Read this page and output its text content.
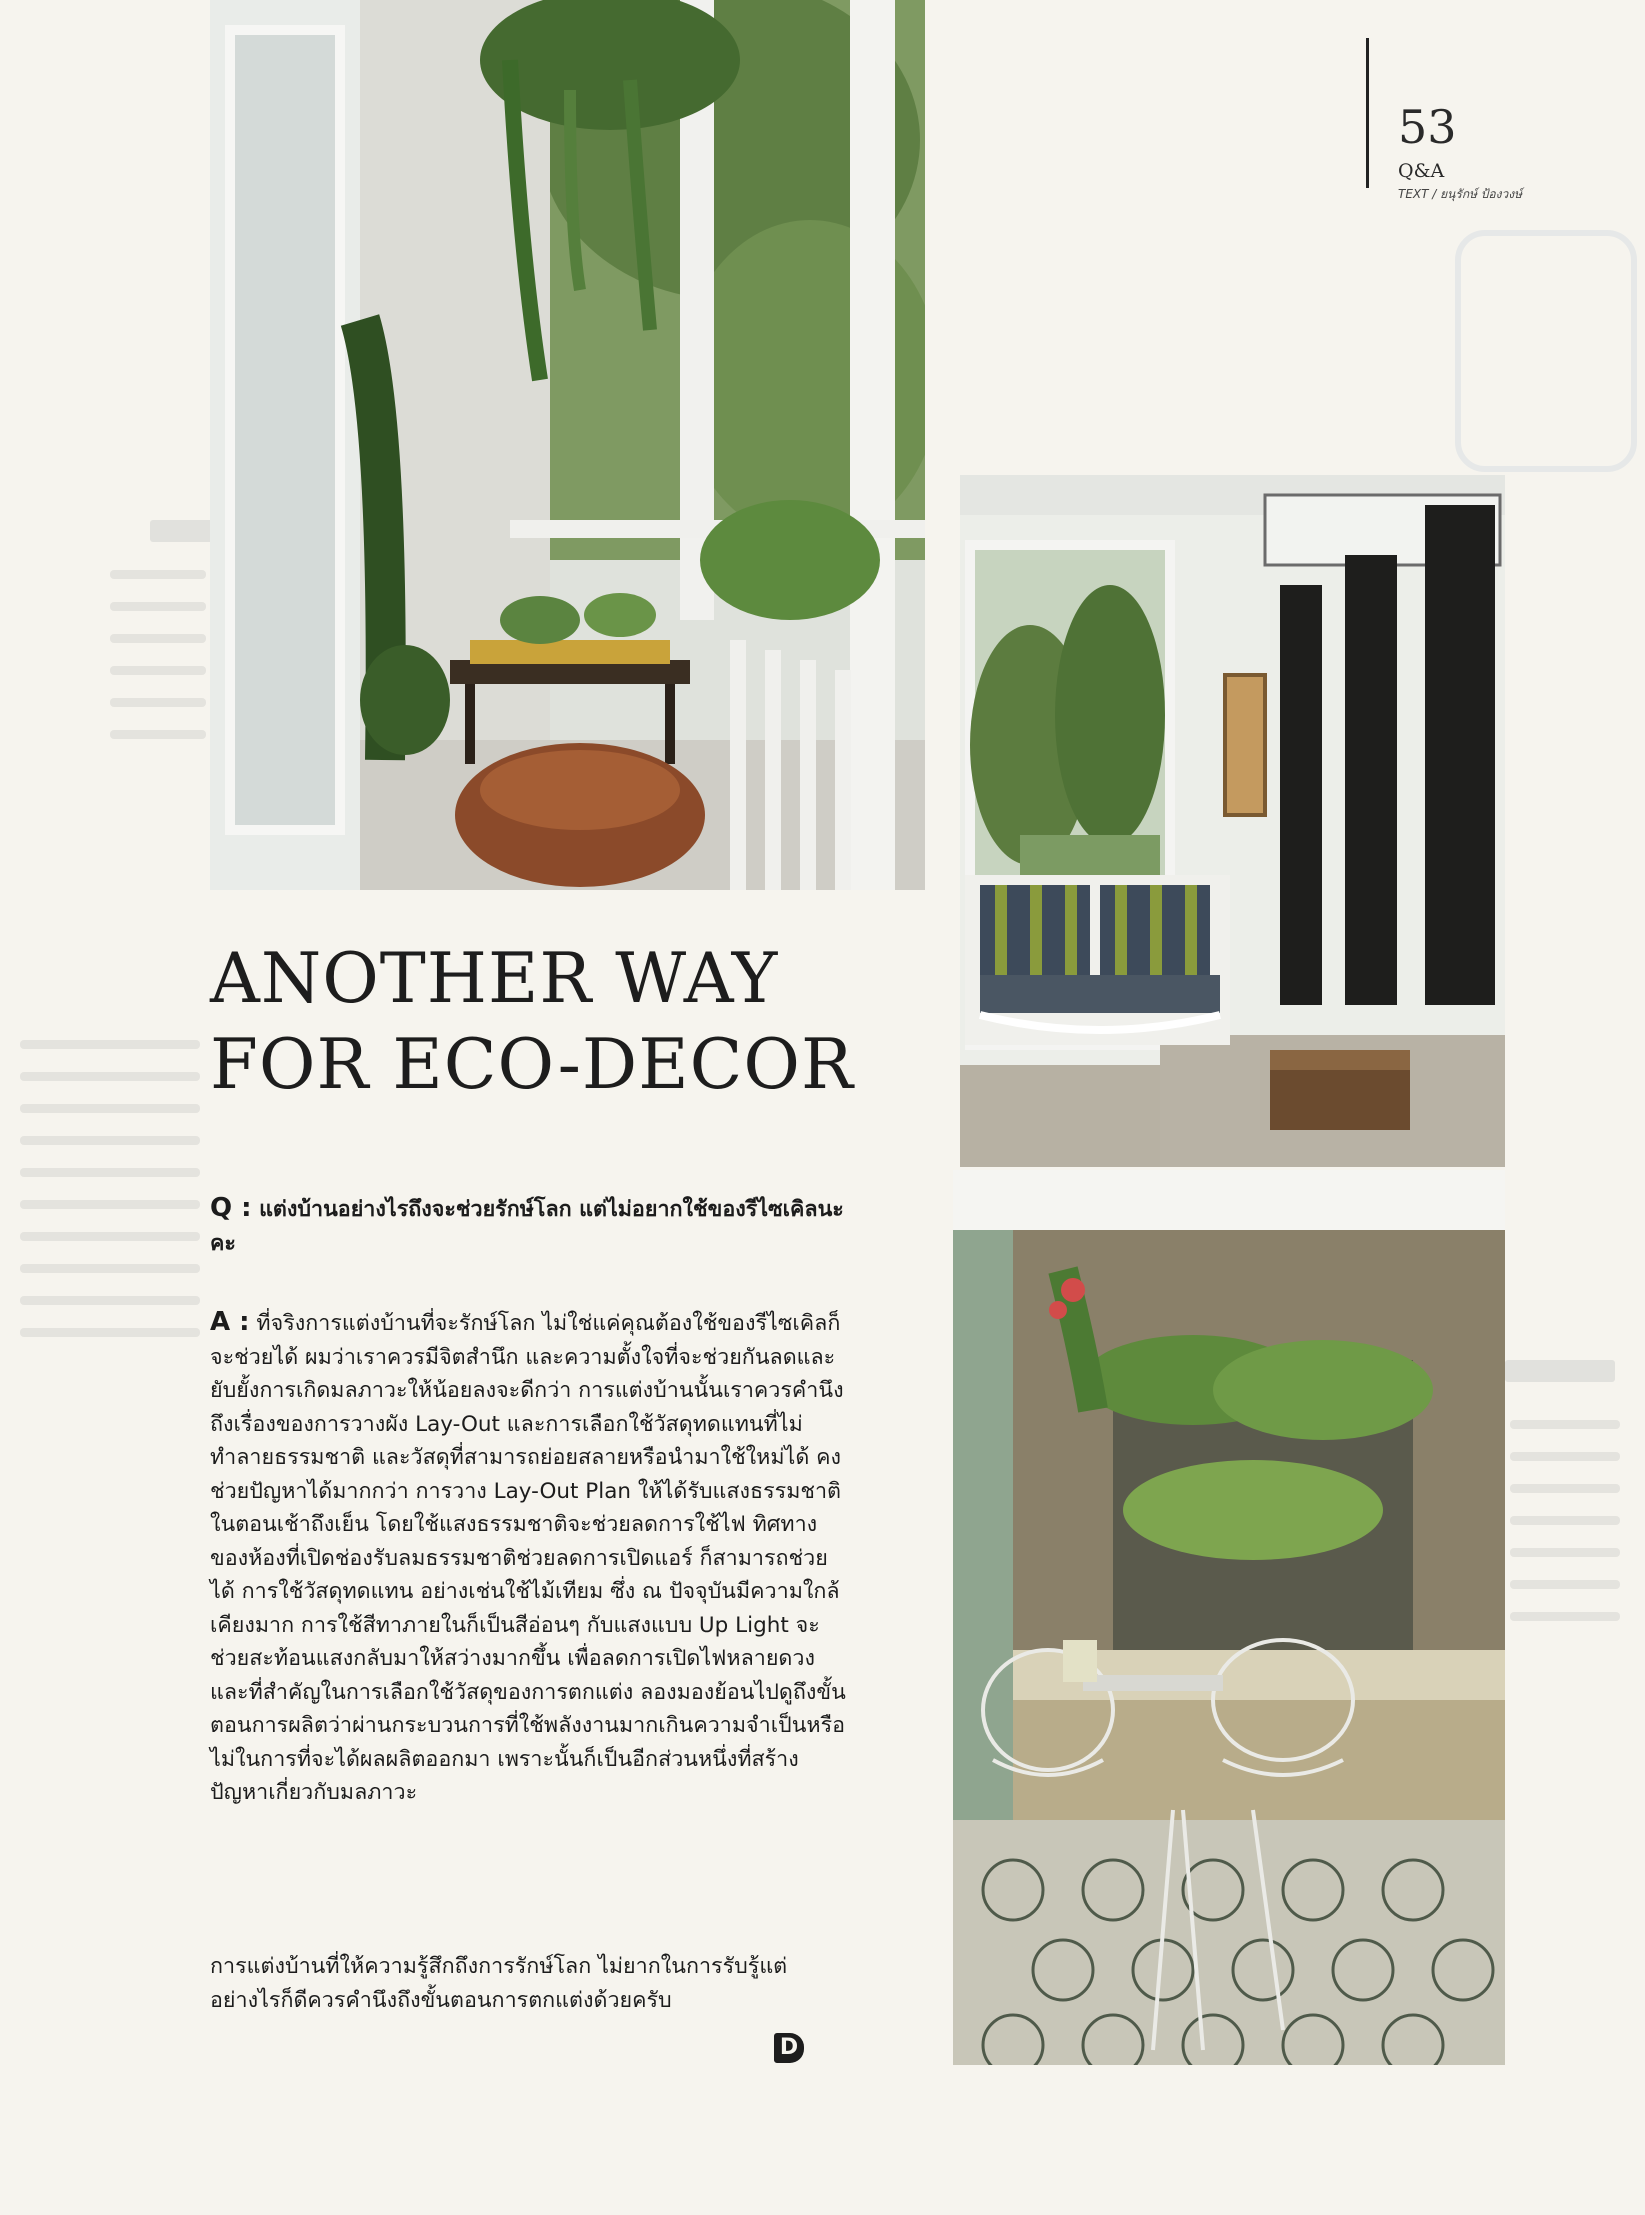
53
Q&A
TEXT / ยนุรักษ์ ป้องวงษ์
ANOTHER WAY
FOR ECO-DECOR
Q : แต่งบ้านอย่างไรถึงจะช่วยรักษ์โลก แต่ไม่อยากใช้ของรีไซเคิลนะคะ
A : ที่จริงการแต่งบ้านที่จะรักษ์โลก ไม่ใช่แค่คุณต้องใช้ของรีไซเคิลก็จะช่วยได้ ผมว่าเราควรมีจิตสำนึก และความตั้งใจที่จะช่วยกันลดและยับยั้งการเกิดมลภาวะให้น้อยลงจะดีกว่า การแต่งบ้านนั้นเราควรคำนึงถึงเรื่องของการวางผัง Lay-Out และการเลือกใช้วัสดุทดแทนที่ไม่ทำลายธรรมชาติ และวัสดุที่สามารถย่อยสลายหรือนำมาใช้ใหม่ได้ คงช่วยปัญหาได้มากกว่า การวาง Lay-Out Plan ให้ได้รับแสงธรรมชาติในตอนเช้าถึงเย็น โดยใช้แสงธรรมชาติจะช่วยลดการใช้ไฟ ทิศทางของห้องที่เปิดช่องรับลมธรรมชาติช่วยลดการเปิดแอร์ ก็สามารถช่วยได้ การใช้วัสดุทดแทน อย่างเช่นใช้ไม้เทียม ซึ่ง ณ ปัจจุบันมีความใกล้เคียงมาก การใช้สีทาภายในก็เป็นสีอ่อนๆ กับแสงแบบ Up Light จะช่วยสะท้อนแสงกลับมาให้สว่างมากขึ้น เพื่อลดการเปิดไฟหลายดวง และที่สำคัญในการเลือกใช้วัสดุของการตกแต่ง ลองมองย้อนไปดูถึงขั้นตอนการผลิตว่าผ่านกระบวนการที่ใช้พลังงานมากเกินความจำเป็นหรือไม่ในการที่จะได้ผลผลิตออกมา เพราะนั้นก็เป็นอีกส่วนหนึ่งที่สร้างปัญหาเกี่ยวกับมลภาวะ
การแต่งบ้านที่ให้ความรู้สึกถึงการรักษ์โลก ไม่ยากในการรับรู้แต่อย่างไรก็ดีควรคำนึงถึงขั้นตอนการตกแต่งด้วยครับ
D
